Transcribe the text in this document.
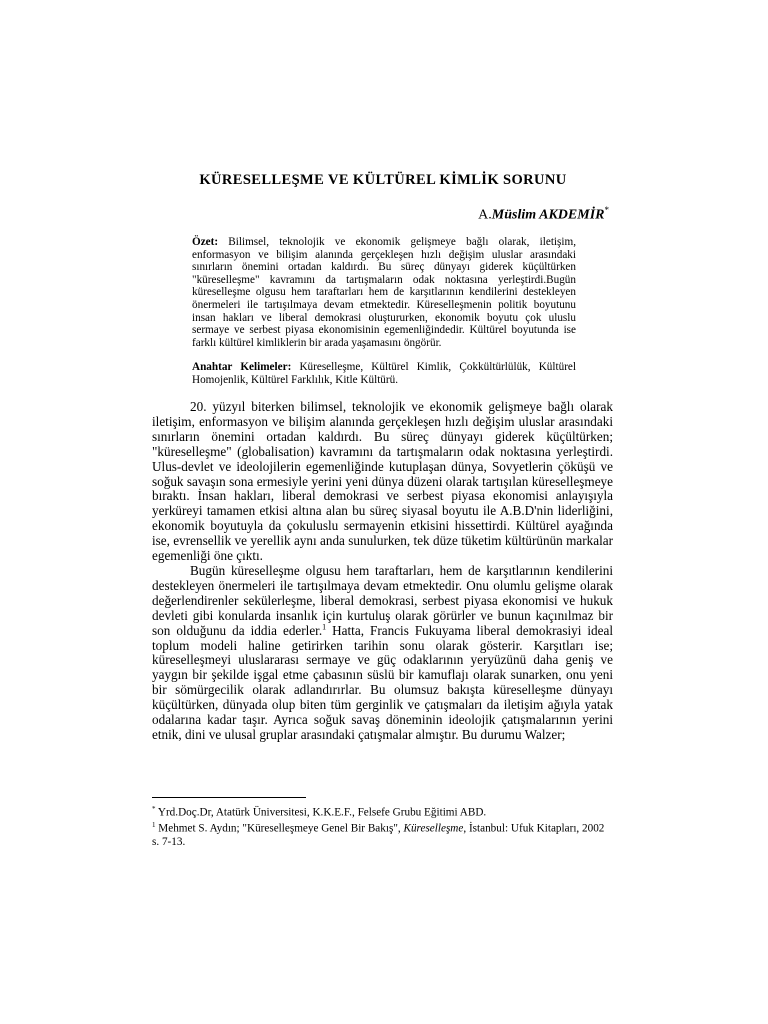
KÜRESELLEŞME VE KÜLTÜREL KİMLİK SORUNU
A.Müslim AKDEMİR*
Özet: Bilimsel, teknolojik ve ekonomik gelişmeye bağlı olarak, iletişim, enformasyon ve bilişim alanında gerçekleşen hızlı değişim uluslar arasındaki sınırların önemini ortadan kaldırdı. Bu süreç dünyayı giderek küçültürken "küreselleşme" kavramını da tartışmaların odak noktasına yerleştirdi.Bugün küreselleşme olgusu hem taraftarları hem de karşıtlarının kendilerini destekleyen önermeleri ile tartışılmaya devam etmektedir. Küreselleşmenin politik boyutunu insan hakları ve liberal demokrasi oluştururken, ekonomik boyutu çok uluslu sermaye ve serbest piyasa ekonomisinin egemenliğindedir. Kültürel boyutunda ise farklı kültürel kimliklerin bir arada yaşamasını öngörür.
Anahtar Kelimeler: Küreselleşme, Kültürel Kimlik, Çokkültürlülük, Kültürel Homojenlik, Kültürel Farklılık, Kitle Kültürü.

20. yüzyıl biterken bilimsel, teknolojik ve ekonomik gelişmeye bağlı olarak iletişim, enformasyon ve bilişim alanında gerçekleşen hızlı değişim uluslar arasındaki sınırların önemini ortadan kaldırdı. Bu süreç dünyayı giderek küçültürken; "küreselleşme" (globalisation) kavramını da tartışmaların odak noktasına yerleştirdi. Ulus-devlet ve ideolojilerin egemenliğinde kutuplaşan dünya, Sovyetlerin çöküşü ve soğuk savaşın sona ermesiyle yerini yeni dünya düzeni olarak tartışılan küreselleşmeye bıraktı. İnsan hakları, liberal demokrasi ve serbest piyasa ekonomisi anlayışıyla yerküreyi tamamen etkisi altına alan bu süreç siyasal boyutu ile A.B.D'nin liderliğini, ekonomik boyutuyla da çokuluslu sermayenin etkisini hissettirdi. Kültürel ayağında ise, evrensellik ve yerellik aynı anda sunulurken, tek düze tüketim kültürünün markalar egemenliği öne çıktı.

Bugün küreselleşme olgusu hem taraftarları, hem de karşıtlarının kendilerini destekleyen önermeleri ile tartışılmaya devam etmektedir. Onu olumlu gelişme olarak değerlendirenler sekülerleşme, liberal demokrasi, serbest piyasa ekonomisi ve hukuk devleti gibi konularda insanlık için kurtuluş olarak görürler ve bunun kaçınılmaz bir son olduğunu da iddia ederler.$^1$ Hatta, Francis Fukuyama liberal demokrasiyi ideal toplum modeli haline getirirken tarihin sonu olarak gösterir. Karşıtları ise; küreselleşmeyi uluslararası sermaye ve güç odaklarının yeryüzünü daha geniş ve yaygın bir şekilde işgal etme çabasının süslü bir kamuflajı olarak sunarken, onu yeni bir sömürgecilik olarak adlandırırlar. Bu olumsuz bakışta küreselleşme dünyayı küçültürken, dünyada olup biten tüm gerginlik ve çatışmaları da iletişim ağıyla yatak odalarına kadar taşır. Ayrıca soğuk savaş döneminin ideolojik çatışmalarının yerini etnik, dini ve ulusal gruplar arasındaki çatışmalar almıştır. Bu durumu Walzer;

* Yrd.Doç.Dr, Atatürk Üniversitesi, K.K.E.F., Felsefe Grubu Eğitimi ABD.
$^1$ Mehmet S. Aydın; "Küreselleşmeye Genel Bir Bakış", Küreselleşme, İstanbul: Ufuk Kitapları, 2002 s. 7-13.
